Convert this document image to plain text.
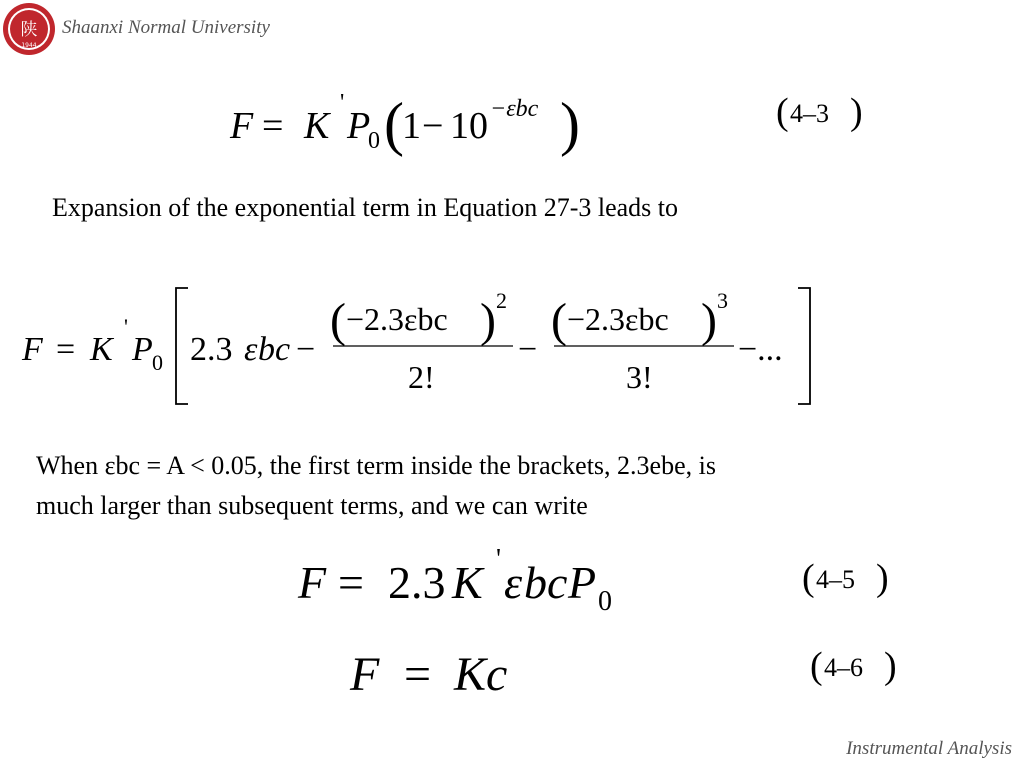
陕
1944
Shaanxi Normal University
F = K
'
P
0 (
1 − 10 −εbc )	( 4–3 )
Expansion of the exponential term in Equation 27-3 leads to
F = K
'
P 0 2.3 ε bc −
( −2.3εbc ) 2
2!
−
( −2.3εbc ) 3
3!
−...
When εbc = A < 0.05, the first term inside the brackets, 2.3ebe, is
much larger than subsequent terms, and we can write
F = 2.3 K ' ε bc P 0
( 4–5 )
F = Kc	( 4–6 )
Instrumental Analysis
